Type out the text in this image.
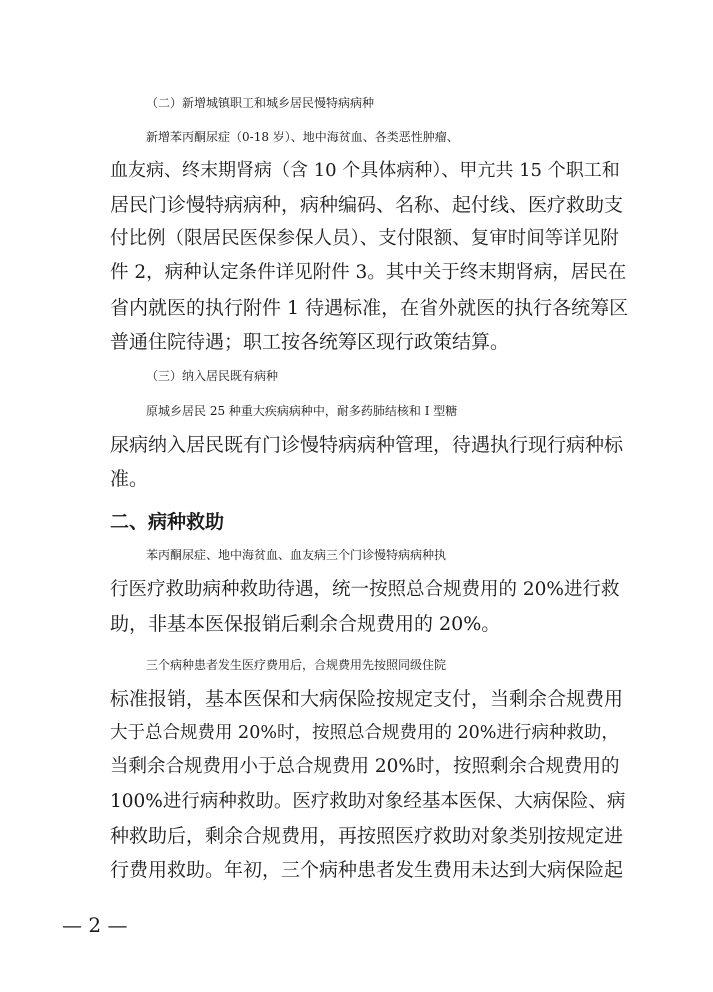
（二）新增城镇职工和城乡居民慢特病病种
新增苯丙酮尿症（0-18 岁）、地中海贫血、各类恶性肿瘤、
血友病、终末期肾病（含 10 个具体病种）、甲亢共 15 个职工和
居民门诊慢特病病种，病种编码、名称、起付线、医疗救助支
付比例（限居民医保参保人员）、支付限额、复审时间等详见附
件 2，病种认定条件详见附件 3。其中关于终末期肾病，居民在
省内就医的执行附件 1 待遇标准，在省外就医的执行各统筹区
普通住院待遇；职工按各统筹区现行政策结算。
（三）纳入居民既有病种
原城乡居民 25 种重大疾病病种中，耐多药肺结核和 I 型糖
尿病纳入居民既有门诊慢特病病种管理，待遇执行现行病种标
准。
二、病种救助
苯丙酮尿症、地中海贫血、血友病三个门诊慢特病病种执
行医疗救助病种救助待遇，统一按照总合规费用的 20%进行救
助，非基本医保报销后剩余合规费用的 20%。
三个病种患者发生医疗费用后，合规费用先按照同级住院
标准报销，基本医保和大病保险按规定支付，当剩余合规费用
大于总合规费用 20%时，按照总合规费用的 20%进行病种救助，
当剩余合规费用小于总合规费用 20%时，按照剩余合规费用的
100%进行病种救助。医疗救助对象经基本医保、大病保险、病
种救助后，剩余合规费用，再按照医疗救助对象类别按规定进
行费用救助。年初，三个病种患者发生费用未达到大病保险起
— 2 —
